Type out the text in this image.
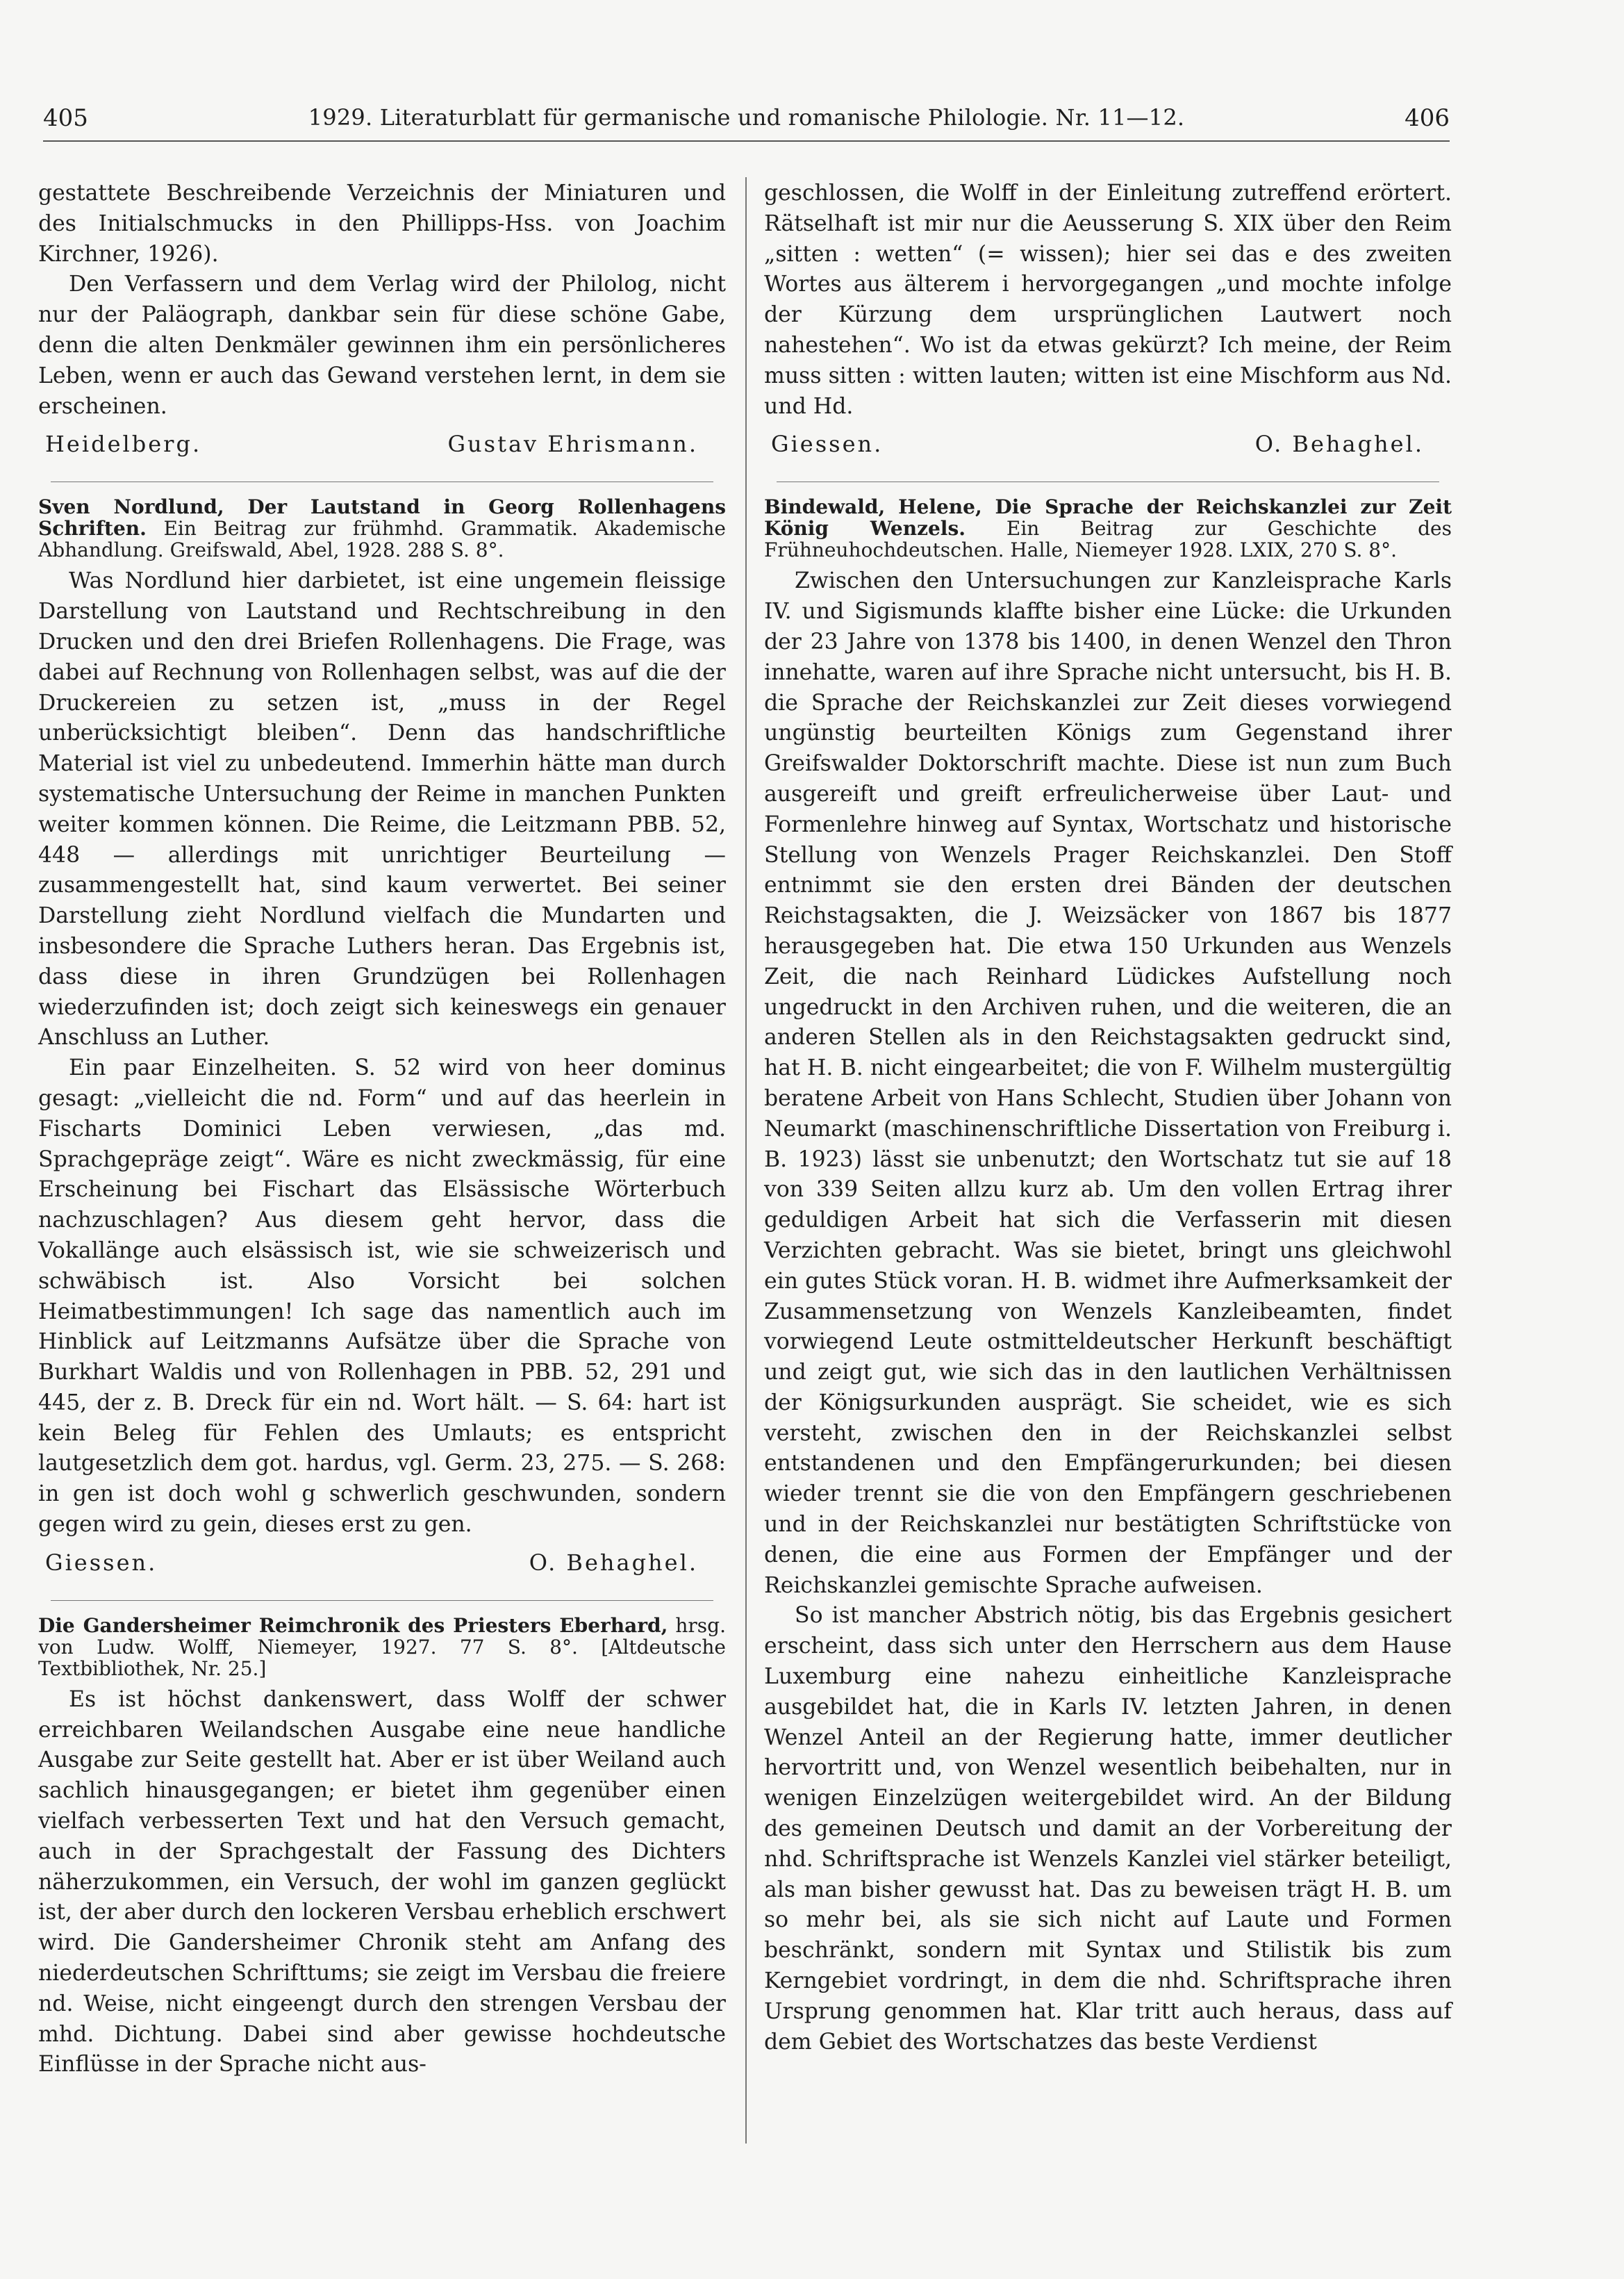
405	1929. Literaturblatt für germanische und romanische Philologie. Nr. 11—12.	406

gestattete Beschreibende Verzeichnis der Miniaturen und des Initialschmucks in den Phillipps-Hss. von Joachim Kirchner, 1926).

Den Verfassern und dem Verlag wird der Philolog, nicht nur der Paläograph, dankbar sein für diese schöne Gabe, denn die alten Denkmäler gewinnen ihm ein persönlicheres Leben, wenn er auch das Gewand verstehen lernt, in dem sie erscheinen.

Heidelberg.	Gustav Ehrismann.

Sven Nordlund, Der Lautstand in Georg Rollenhagens Schriften. Ein Beitrag zur frühmhd. Grammatik. Akademische Abhandlung. Greifswald, Abel, 1928. 288 S. 8°.

Was Nordlund hier darbietet, ist eine ungemein fleissige Darstellung von Lautstand und Rechtschreibung in den Drucken und den drei Briefen Rollenhagens. Die Frage, was dabei auf Rechnung von Rollenhagen selbst, was auf die der Druckereien zu setzen ist, „muss in der Regel unberücksichtigt bleiben“. Denn das handschriftliche Material ist viel zu unbedeutend. Immerhin hätte man durch systematische Untersuchung der Reime in manchen Punkten weiter kommen können. Die Reime, die Leitzmann PBB. 52, 448 — allerdings mit unrichtiger Beurteilung — zusammengestellt hat, sind kaum verwertet. Bei seiner Darstellung zieht Nordlund vielfach die Mundarten und insbesondere die Sprache Luthers heran. Das Ergebnis ist, dass diese in ihren Grundzügen bei Rollenhagen wiederzufinden ist; doch zeigt sich keineswegs ein genauer Anschluss an Luther.

Ein paar Einzelheiten. S. 52 wird von heer dominus gesagt: „vielleicht die nd. Form“ und auf das heerlein in Fischarts Dominici Leben verwiesen, „das md. Sprachgepräge zeigt“. Wäre es nicht zweckmässig, für eine Erscheinung bei Fischart das Elsässische Wörterbuch nachzuschlagen? Aus diesem geht hervor, dass die Vokallänge auch elsässisch ist, wie sie schweizerisch und schwäbisch ist. Also Vorsicht bei solchen Heimatbestimmungen! Ich sage das namentlich auch im Hinblick auf Leitzmanns Aufsätze über die Sprache von Burkhart Waldis und von Rollenhagen in PBB. 52, 291 und 445, der z. B. Dreck für ein nd. Wort hält. — S. 64: hart ist kein Beleg für Fehlen des Umlauts; es entspricht lautgesetzlich dem got. hardus, vgl. Germ. 23, 275. — S. 268: in gen ist doch wohl g schwerlich geschwunden, sondern gegen wird zu gein, dieses erst zu gen.

Giessen.	O. Behaghel.

Die Gandersheimer Reimchronik des Priesters Eberhard, hrsg. von Ludw. Wolff, Niemeyer, 1927. 77 S. 8°. [Altdeutsche Textbibliothek, Nr. 25.]

Es ist höchst dankenswert, dass Wolff der schwer erreichbaren Weilandschen Ausgabe eine neue handliche Ausgabe zur Seite gestellt hat. Aber er ist über Weiland auch sachlich hinausgegangen; er bietet ihm gegenüber einen vielfach verbesserten Text und hat den Versuch gemacht, auch in der Sprachgestalt der Fassung des Dichters näherzukommen, ein Versuch, der wohl im ganzen geglückt ist, der aber durch den lockeren Versbau erheblich erschwert wird. Die Gandersheimer Chronik steht am Anfang des niederdeutschen Schrifttums; sie zeigt im Versbau die freiere nd. Weise, nicht eingeengt durch den strengen Versbau der mhd. Dichtung. Dabei sind aber gewisse hochdeutsche Einflüsse in der Sprache nicht aus-

geschlossen, die Wolff in der Einleitung zutreffend erörtert. Rätselhaft ist mir nur die Aeusserung S. XIX über den Reim „sitten : wetten“ (= wissen); hier sei das e des zweiten Wortes aus älterem i hervorgegangen „und mochte infolge der Kürzung dem ursprünglichen Lautwert noch nahestehen“. Wo ist da etwas gekürzt? Ich meine, der Reim muss sitten : witten lauten; witten ist eine Mischform aus Nd. und Hd.

Giessen.	O. Behaghel.

Bindewald, Helene, Die Sprache der Reichskanzlei zur Zeit König Wenzels. Ein Beitrag zur Geschichte des Frühneuhochdeutschen. Halle, Niemeyer 1928. LXIX, 270 S. 8°.

Zwischen den Untersuchungen zur Kanzleisprache Karls IV. und Sigismunds klaffte bisher eine Lücke: die Urkunden der 23 Jahre von 1378 bis 1400, in denen Wenzel den Thron innehatte, waren auf ihre Sprache nicht untersucht, bis H. B. die Sprache der Reichskanzlei zur Zeit dieses vorwiegend ungünstig beurteilten Königs zum Gegenstand ihrer Greifswalder Doktorschrift machte. Diese ist nun zum Buch ausgereift und greift erfreulicherweise über Laut- und Formenlehre hinweg auf Syntax, Wortschatz und historische Stellung von Wenzels Prager Reichskanzlei. Den Stoff entnimmt sie den ersten drei Bänden der deutschen Reichstagsakten, die J. Weizsäcker von 1867 bis 1877 herausgegeben hat. Die etwa 150 Urkunden aus Wenzels Zeit, die nach Reinhard Lüdickes Aufstellung noch ungedruckt in den Archiven ruhen, und die weiteren, die an anderen Stellen als in den Reichstagsakten gedruckt sind, hat H. B. nicht eingearbeitet; die von F. Wilhelm mustergültig beratene Arbeit von Hans Schlecht, Studien über Johann von Neumarkt (maschinenschriftliche Dissertation von Freiburg i. B. 1923) lässt sie unbenutzt; den Wortschatz tut sie auf 18 von 339 Seiten allzu kurz ab. Um den vollen Ertrag ihrer geduldigen Arbeit hat sich die Verfasserin mit diesen Verzichten gebracht. Was sie bietet, bringt uns gleichwohl ein gutes Stück voran. H. B. widmet ihre Aufmerksamkeit der Zusammensetzung von Wenzels Kanzleibeamten, findet vorwiegend Leute ostmitteldeutscher Herkunft beschäftigt und zeigt gut, wie sich das in den lautlichen Verhältnissen der Königsurkunden ausprägt. Sie scheidet, wie es sich versteht, zwischen den in der Reichskanzlei selbst entstandenen und den Empfängerurkunden; bei diesen wieder trennt sie die von den Empfängern geschriebenen und in der Reichskanzlei nur bestätigten Schriftstücke von denen, die eine aus Formen der Empfänger und der Reichskanzlei gemischte Sprache aufweisen.

So ist mancher Abstrich nötig, bis das Ergebnis gesichert erscheint, dass sich unter den Herrschern aus dem Hause Luxemburg eine nahezu einheitliche Kanzleisprache ausgebildet hat, die in Karls IV. letzten Jahren, in denen Wenzel Anteil an der Regierung hatte, immer deutlicher hervortritt und, von Wenzel wesentlich beibehalten, nur in wenigen Einzelzügen weitergebildet wird. An der Bildung des gemeinen Deutsch und damit an der Vorbereitung der nhd. Schriftsprache ist Wenzels Kanzlei viel stärker beteiligt, als man bisher gewusst hat. Das zu beweisen trägt H. B. um so mehr bei, als sie sich nicht auf Laute und Formen beschränkt, sondern mit Syntax und Stilistik bis zum Kerngebiet vordringt, in dem die nhd. Schriftsprache ihren Ursprung genommen hat. Klar tritt auch heraus, dass auf dem Gebiet des Wortschatzes das beste Verdienst
